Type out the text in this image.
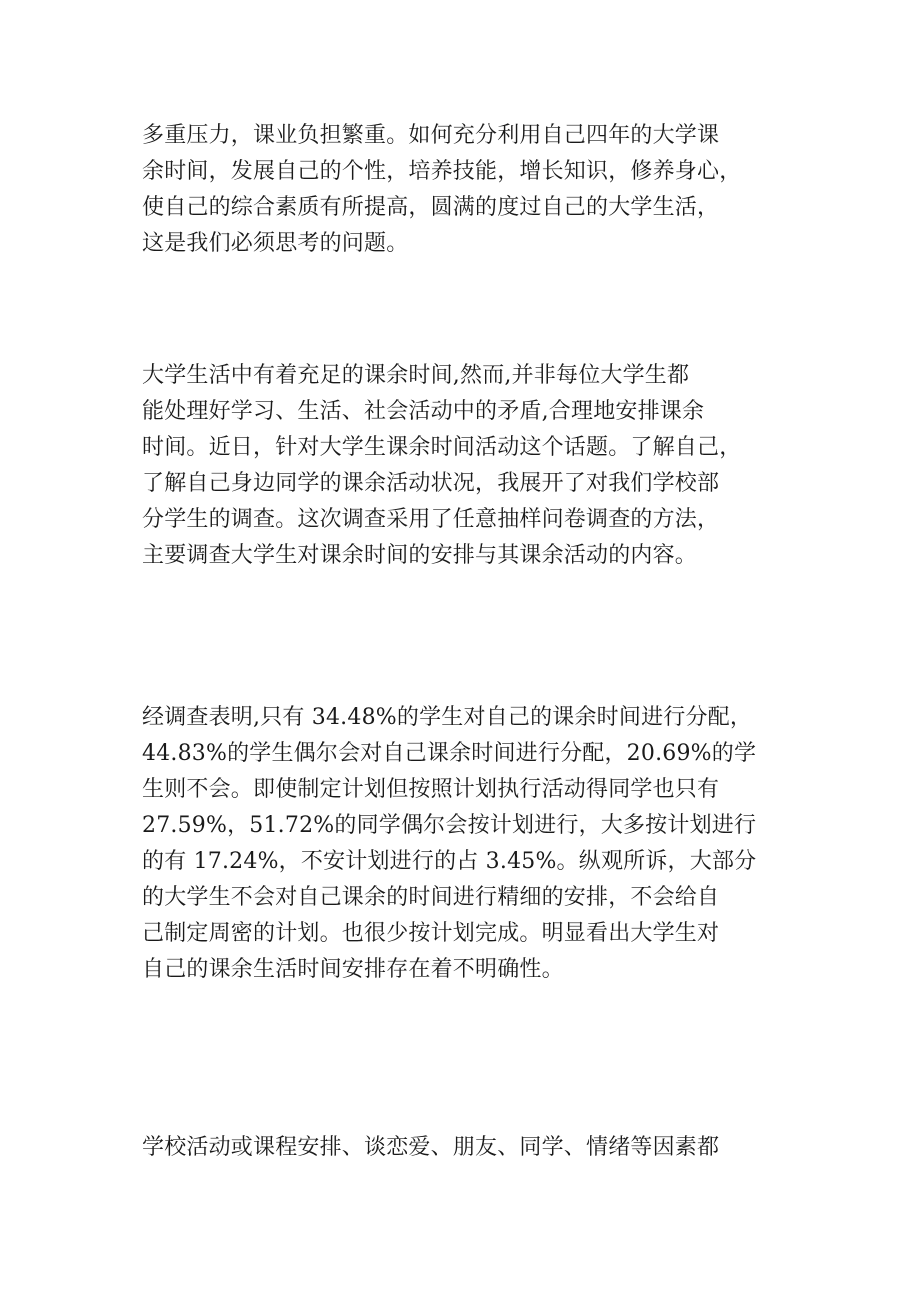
多重压力，课业负担繁重。如何充分利用自己四年的大学课
余时间，发展自己的个性，培养技能，增长知识，修养身心，
使自己的综合素质有所提高，圆满的度过自己的大学生活，
这是我们必须思考的问题。
大学生活中有着充足的课余时间,然而,并非每位大学生都
能处理好学习、生活、社会活动中的矛盾,合理地安排课余
时间。近日，针对大学生课余时间活动这个话题。了解自己，
了解自己身边同学的课余活动状况，我展开了对我们学校部
分学生的调查。这次调查采用了任意抽样问卷调查的方法，
主要调查大学生对课余时间的安排与其课余活动的内容。
经调查表明,只有 34.48%的学生对自己的课余时间进行分配，
44.83%的学生偶尔会对自己课余时间进行分配，20.69%的学
生则不会。即使制定计划但按照计划执行活动得同学也只有
27.59%，51.72%的同学偶尔会按计划进行，大多按计划进行
的有 17.24%，不安计划进行的占 3.45%。纵观所诉，大部分
的大学生不会对自己课余的时间进行精细的安排，不会给自
己制定周密的计划。也很少按计划完成。明显看出大学生对
自己的课余生活时间安排存在着不明确性。
学校活动或课程安排、谈恋爱、朋友、同学、情绪等因素都
